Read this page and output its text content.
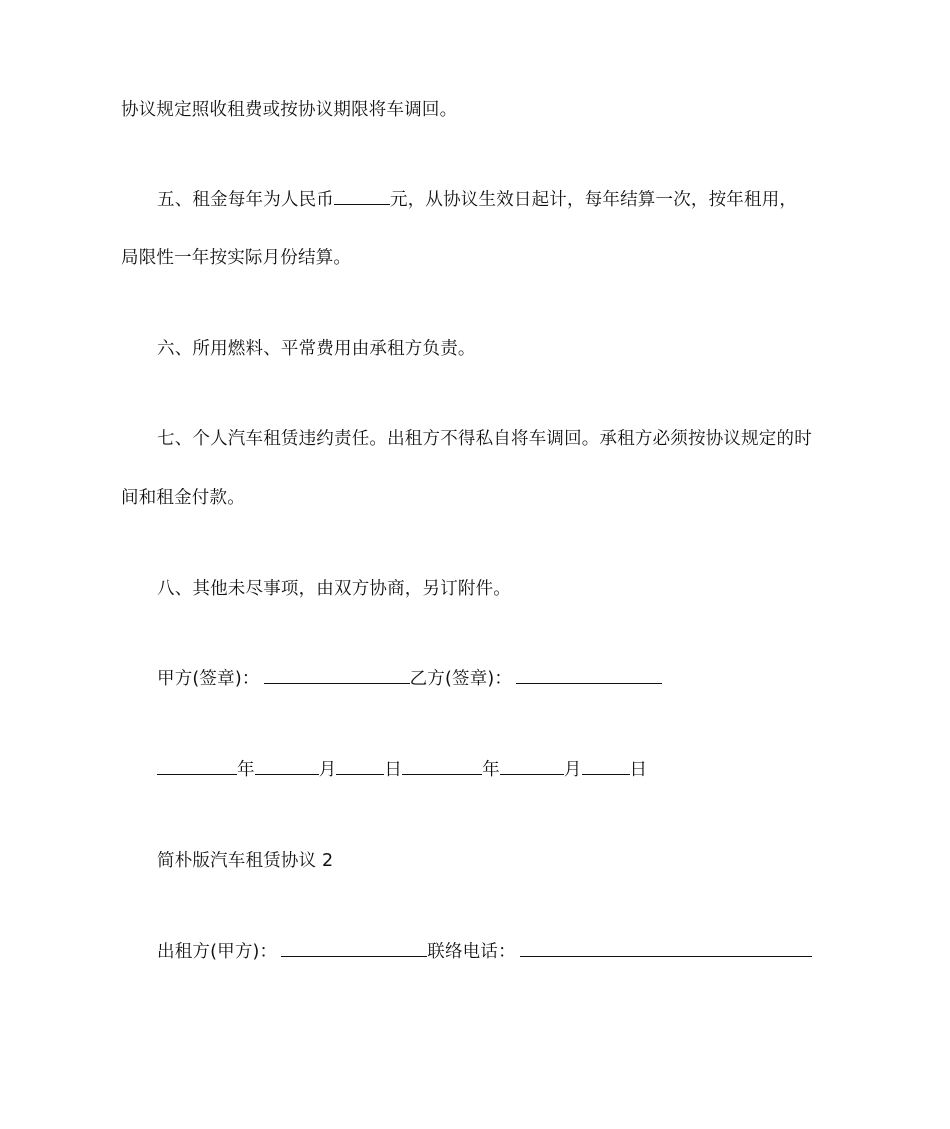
协议规定照收租费或按协议期限将车调回。
五、租金每年为人民币	元，从协议生效日起计，每年结算一次，按年租用，
局限性一年按实际月份结算。
六、所用燃料、平常费用由承租方负责。
七、个人汽车租赁违约责任。出租方不得私自将车调回。承租方必须按协议规定的时
间和租金付款。
八、其他未尽事项，由双方协商，另订附件。
甲方(签章)：	乙方(签章)：
年	月	日	年	月	日
简朴版汽车租赁协议 2
出租方(甲方)：	联络电话：
